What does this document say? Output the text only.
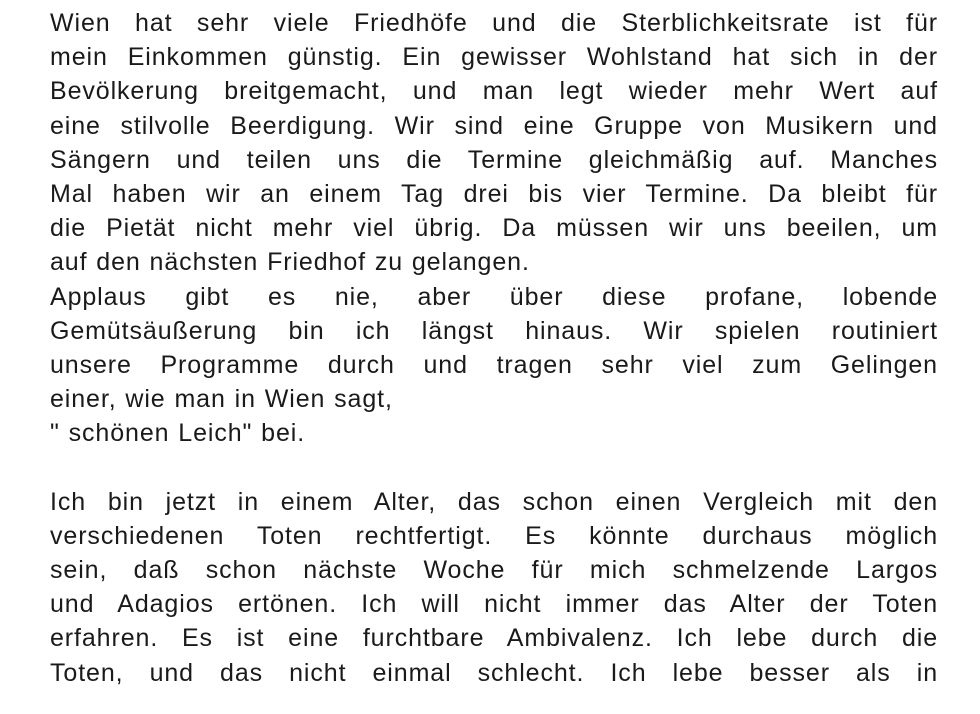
Wien hat sehr viele Friedhöfe und die Sterblichkeitsrate ist für
mein Einkommen günstig. Ein gewisser Wohlstand hat sich in der
Bevölkerung breitgemacht, und man legt wieder mehr Wert auf
eine stilvolle Beerdigung. Wir sind eine Gruppe von Musikern und
Sängern und teilen uns die Termine gleichmäßig auf. Manches
Mal haben wir an einem Tag drei bis vier Termine. Da bleibt für
die Pietät nicht mehr viel übrig. Da müssen wir uns beeilen, um
auf den nächsten Friedhof zu gelangen.
Applaus gibt es nie, aber über diese profane, lobende
Gemütsäußerung bin ich längst hinaus. Wir spielen routiniert
unsere Programme durch und tragen sehr viel zum Gelingen
einer, wie man in Wien sagt,
" schönen Leich" bei.
Ich bin jetzt in einem Alter, das schon einen Vergleich mit den
verschiedenen Toten rechtfertigt. Es könnte durchaus möglich
sein, daß schon nächste Woche für mich schmelzende Largos
und Adagios ertönen. Ich will nicht immer das Alter der Toten
erfahren. Es ist eine furchtbare Ambivalenz. Ich lebe durch die
Toten, und das nicht einmal schlecht. Ich lebe besser als in
